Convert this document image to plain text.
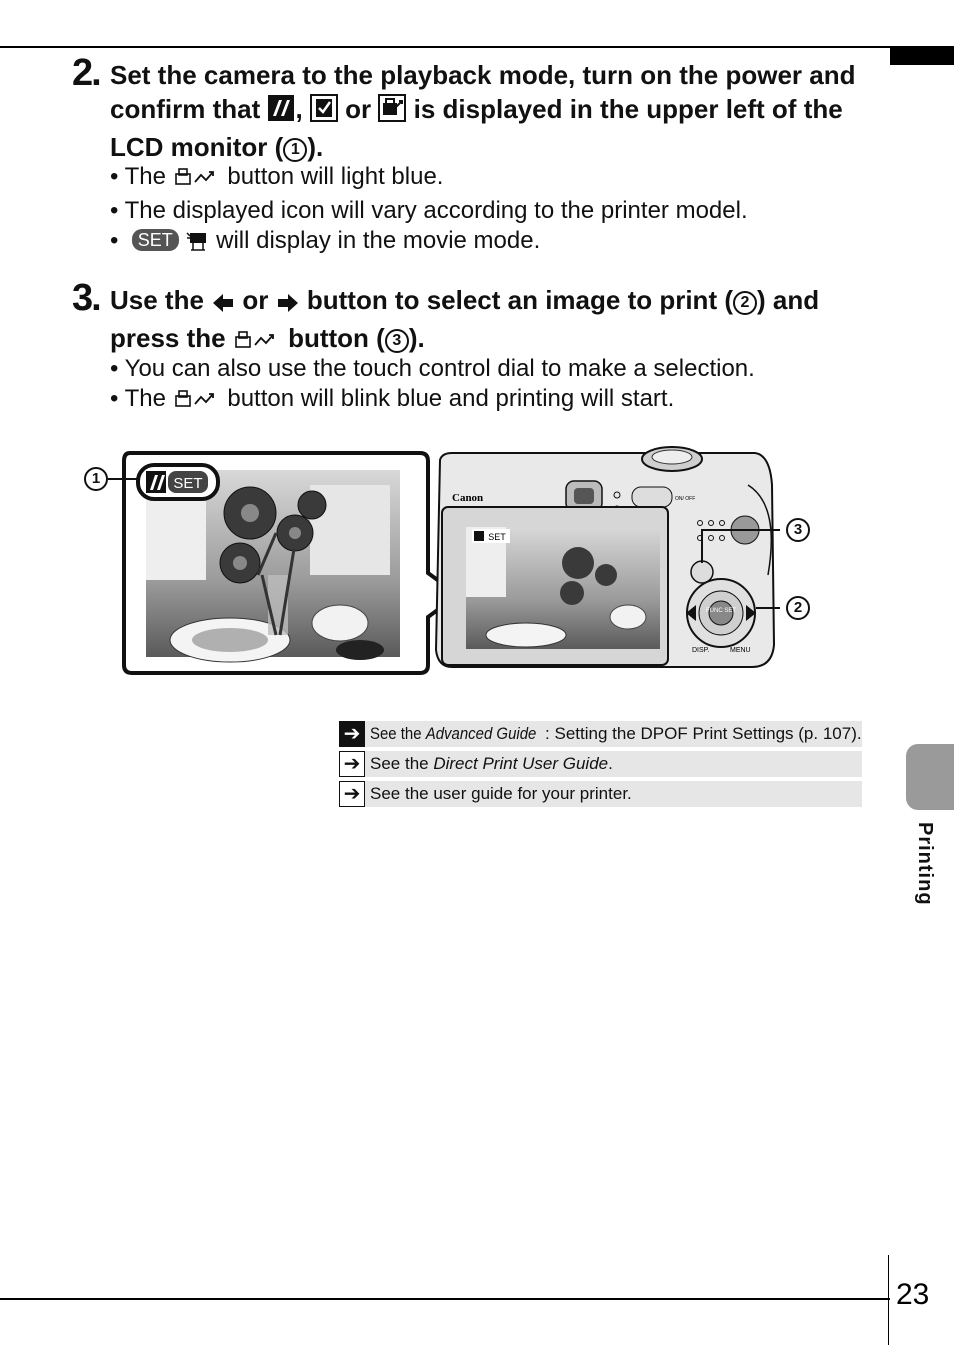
2. Set the camera to the playback mode, turn on the power and confirm that , or is displayed in the upper left of the LCD monitor ( 1 ).
• The	button will light blue.
• The displayed icon will vary according to the printer model.
•  SET will display in the movie mode.
3. Use the or button to select an image to print ( 2 ) and press the button ( 3 ).
• You can also use the touch control dial to make a selection.
• The	button will blink blue and printing will start.
SET
Canon	ON/ OFF
SET
FUNC SET
DISP.	MENU
1
3
2
➔ See the Advanced Guide : Setting the DPOF Print Settings (p. 107).
➔ See the Direct Print User Guide.
➔ See the user guide for your printer.
Printing
23
